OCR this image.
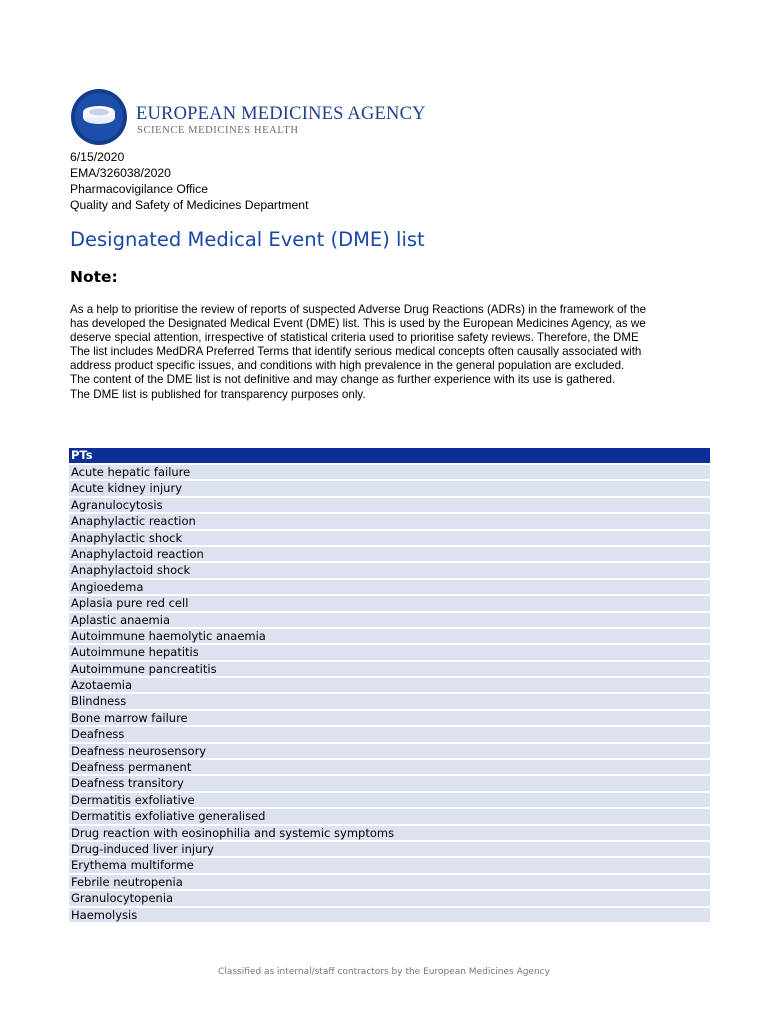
EUROPEAN MEDICINES AGENCY
SCIENCE MEDICINES HEALTH
6/15/2020
EMA/326038/2020
Pharmacovigilance Office
Quality and Safety of Medicines Department
Designated Medical Event (DME) list
Note:
As a help to prioritise the review of reports of suspected Adverse Drug Reactions (ADRs) in the framework of the
has developed the Designated Medical Event (DME) list. This is used by the European Medicines Agency, as we
deserve special attention, irrespective of statistical criteria used to prioritise safety reviews. Therefore, the DME
The list includes MedDRA Preferred Terms that identify serious medical concepts often causally associated with
address product specific issues, and conditions with high prevalence in the general population are excluded.
The content of the DME list is not definitive and may change as further experience with its use is gathered.
The DME list is published for transparency purposes only.
PTs
Acute hepatic failure
Acute kidney injury
Agranulocytosis
Anaphylactic reaction
Anaphylactic shock
Anaphylactoid reaction
Anaphylactoid shock
Angioedema
Aplasia pure red cell
Aplastic anaemia
Autoimmune haemolytic anaemia
Autoimmune hepatitis
Autoimmune pancreatitis
Azotaemia
Blindness
Bone marrow failure
Deafness
Deafness neurosensory
Deafness permanent
Deafness transitory
Dermatitis exfoliative
Dermatitis exfoliative generalised
Drug reaction with eosinophilia and systemic symptoms
Drug-induced liver injury
Erythema multiforme
Febrile neutropenia
Granulocytopenia
Haemolysis
Classified as internal/staff contractors by the European Medicines Agency
